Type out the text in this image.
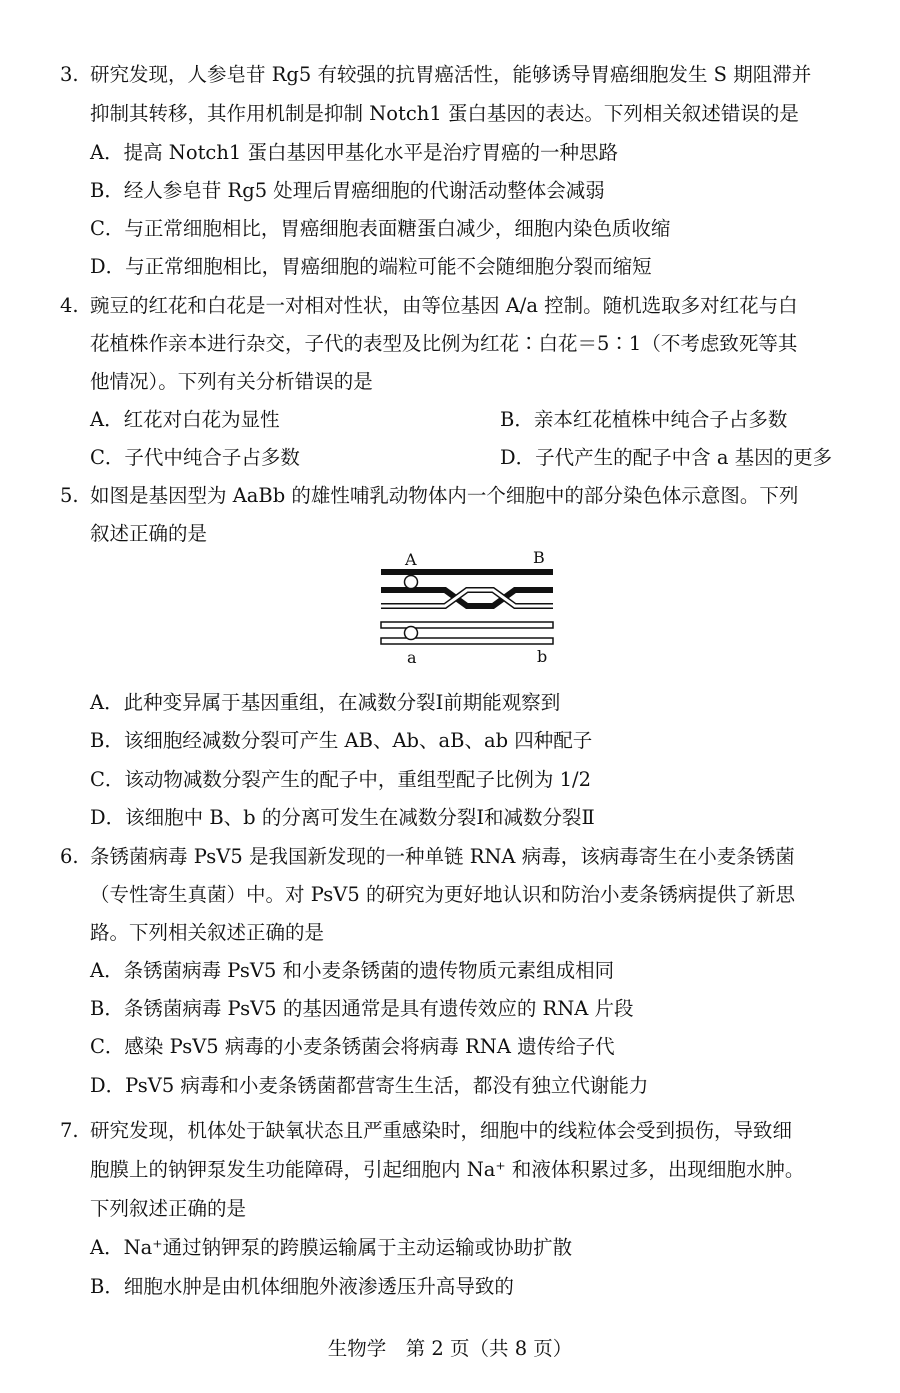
3. 研究发现，人参皂苷 Rg5 有较强的抗胃癌活性，能够诱导胃癌细胞发生 S 期阻滞并
抑制其转移，其作用机制是抑制 Notch1 蛋白基因的表达。下列相关叙述错误的是
A．提高 Notch1 蛋白基因甲基化水平是治疗胃癌的一种思路
B．经人参皂苷 Rg5 处理后胃癌细胞的代谢活动整体会减弱
C．与正常细胞相比，胃癌细胞表面糖蛋白减少，细胞内染色质收缩
D．与正常细胞相比，胃癌细胞的端粒可能不会随细胞分裂而缩短
4. 豌豆的红花和白花是一对相对性状，由等位基因 A/a 控制。随机选取多对红花与白
花植株作亲本进行杂交，子代的表型及比例为红花∶白花＝5∶1（不考虑致死等其
他情况）。下列有关分析错误的是
A．红花对白花为显性	B．亲本红花植株中纯合子占多数
C．子代中纯合子占多数	D．子代产生的配子中含 a 基因的更多
5. 如图是基因型为 AaBb 的雄性哺乳动物体内一个细胞中的部分染色体示意图。下列
叙述正确的是
A	B
a	b
A．此种变异属于基因重组，在减数分裂Ⅰ前期能观察到
B．该细胞经减数分裂可产生 AB、Ab、aB、ab 四种配子
C．该动物减数分裂产生的配子中，重组型配子比例为 1/2
D．该细胞中 B、b 的分离可发生在减数分裂Ⅰ和减数分裂Ⅱ
6. 条锈菌病毒 PsV5 是我国新发现的一种单链 RNA 病毒，该病毒寄生在小麦条锈菌
（专性寄生真菌）中。对 PsV5 的研究为更好地认识和防治小麦条锈病提供了新思
路。下列相关叙述正确的是
A．条锈菌病毒 PsV5 和小麦条锈菌的遗传物质元素组成相同
B．条锈菌病毒 PsV5 的基因通常是具有遗传效应的 RNA 片段
C．感染 PsV5 病毒的小麦条锈菌会将病毒 RNA 遗传给子代
D．PsV5 病毒和小麦条锈菌都营寄生生活，都没有独立代谢能力
7. 研究发现，机体处于缺氧状态且严重感染时，细胞中的线粒体会受到损伤，导致细
胞膜上的钠钾泵发生功能障碍，引起细胞内 Na⁺ 和液体积累过多，出现细胞水肿。
下列叙述正确的是
A．Na⁺通过钠钾泵的跨膜运输属于主动运输或协助扩散
B．细胞水肿是由机体细胞外液渗透压升高导致的
生物学　第 2 页（共 8 页）
